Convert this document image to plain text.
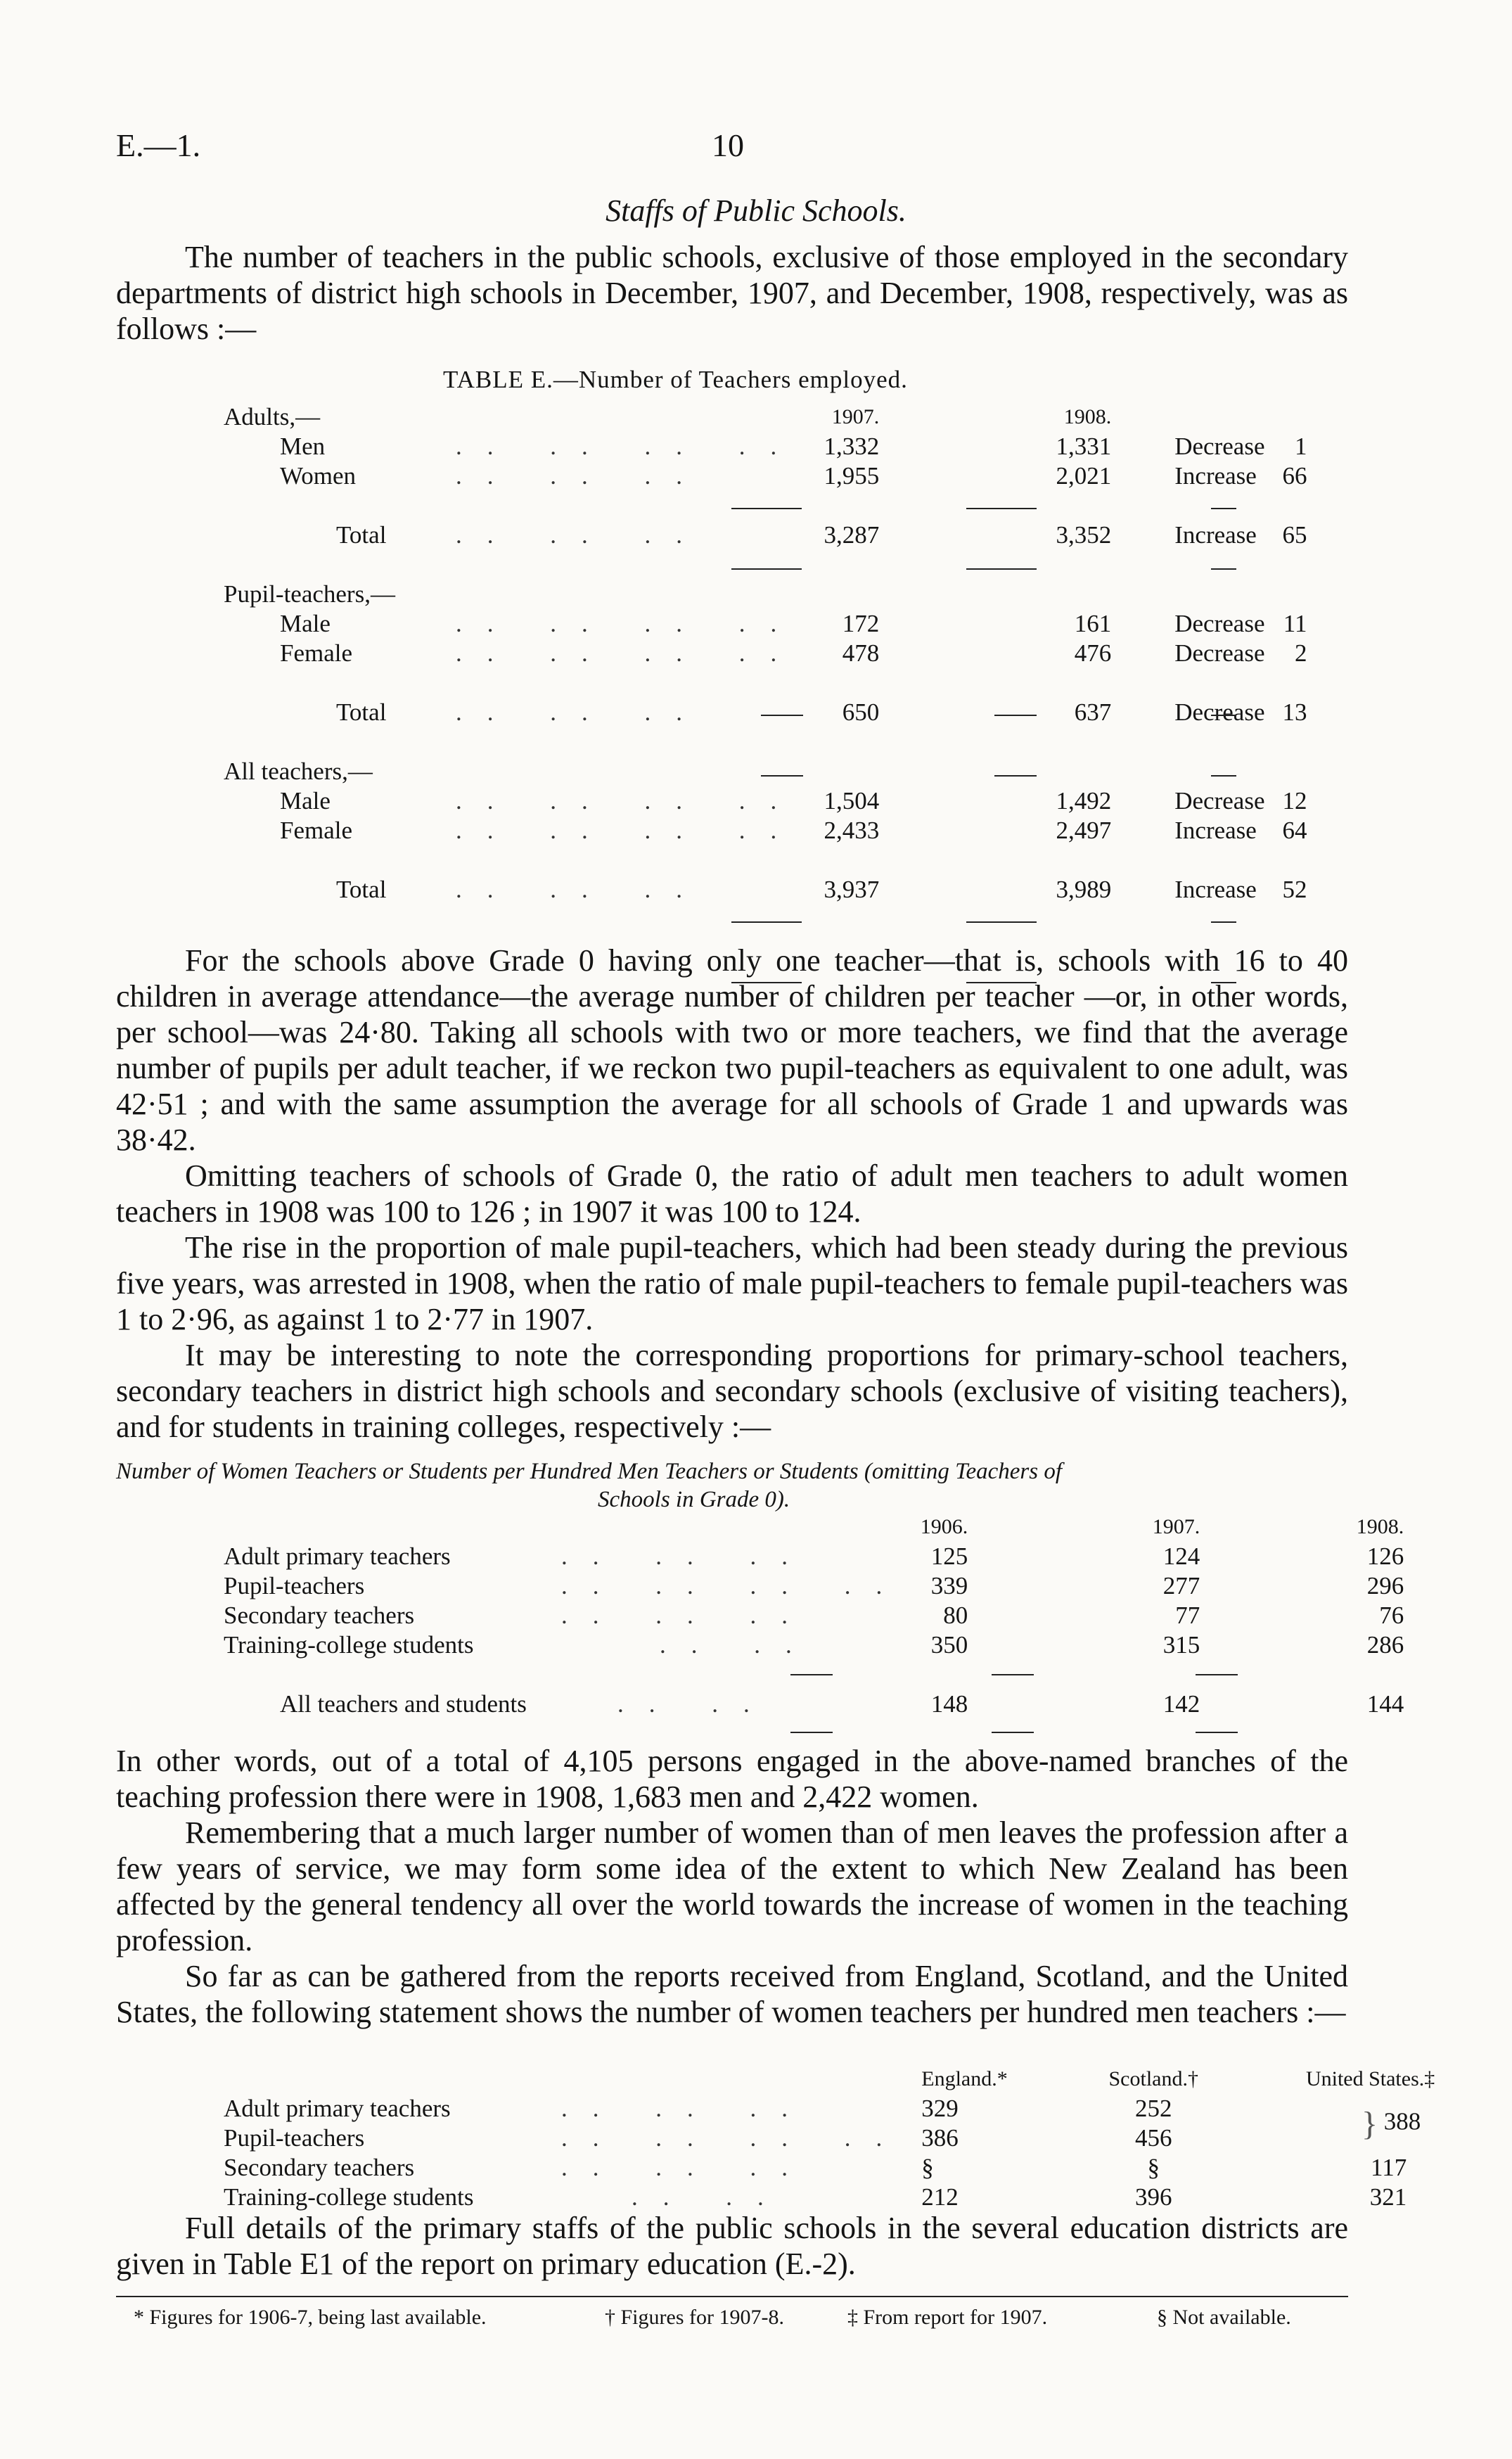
E.—1.	10
Staffs of Public Schools.

The number of teachers in the public schools, exclusive of those employed in the secondary departments of district high schools in December, 1907, and December, 1908, respectively, was as follows :—

TABLE E.—Number of Teachers employed.
Adults,—		1907.	1908.		
Men	.. .. .. ..	1,332	1,331	Decrease	1
Women	.. .. ..	1,955	2,021	Increase	66

Total	.. .. ..	3,287	3,352	Increase	65

Pupil-teachers,—					
Male	.. .. .. ..	172	161	Decrease	11
Female	.. .. .. ..	478	476	Decrease	2

Total	.. .. ..	650	637	Decrease	13

All teachers,—					
Male	.. .. .. ..	1,504	1,492	Decrease	12
Female	.. .. .. ..	2,433	2,497	Increase	64

Total	.. .. ..	3,937	3,989	Increase	52

For the schools above Grade 0 having only one teacher—that is, schools with 16 to 40 children in average attendance—the average number of children per teacher —or, in other words, per school—was 24·80. Taking all schools with two or more teachers, we find that the average number of pupils per adult teacher, if we reckon two pupil-teachers as equivalent to one adult, was 42·51 ; and with the same assumption the average for all schools of Grade 1 and upwards was 38·42.

Omitting teachers of schools of Grade 0, the ratio of adult men teachers to adult women teachers in 1908 was 100 to 126 ; in 1907 it was 100 to 124.

The rise in the proportion of male pupil-teachers, which had been steady during the previous five years, was arrested in 1908, when the ratio of male pupil-teachers to female pupil-teachers was 1 to 2·96, as against 1 to 2·77 in 1907.

It may be interesting to note the corresponding proportions for primary-school teachers, secondary teachers in district high schools and secondary schools (exclusive of visiting teachers), and for students in training colleges, respectively :—

Number of Women Teachers or Students per Hundred Men Teachers or Students (omitting Teachers of
Schools in Grade 0).
		1906.	1907.	1908.
Adult primary teachers	.. .. ..	125	124	126
Pupil-teachers	.. .. .. ..	339	277	296
Secondary teachers	.. .. ..	80	77	76
Training-college students	.. ..	350	315	286

All teachers and students	.. ..	148	142	144

In other words, out of a total of 4,105 persons engaged in the above-named branches of the teaching profession there were in 1908, 1,683 men and 2,422 women.

Remembering that a much larger number of women than of men leaves the profession after a few years of service, we may form some idea of the extent to which New Zealand has been affected by the general tendency all over the world towards the increase of women in the teaching profession.

So far as can be gathered from the reports received from England, Scotland, and the United States, the following statement shows the number of women teachers per hundred men teachers :—

		England.*	Scotland.†	United States.‡
Adult primary teachers	.. .. ..	329	252	} 388
Pupil-teachers	.. .. .. ..	386	456	
Secondary teachers	.. .. ..	§	§	117
Training-college students	.. ..	212	396	321

Full details of the primary staffs of the public schools in the several education districts are given in Table E1 of the report on primary education (E.-2).

* Figures for 1906-7, being last available.	† Figures for 1907-8.	‡ From report for 1907.	§ Not available.
